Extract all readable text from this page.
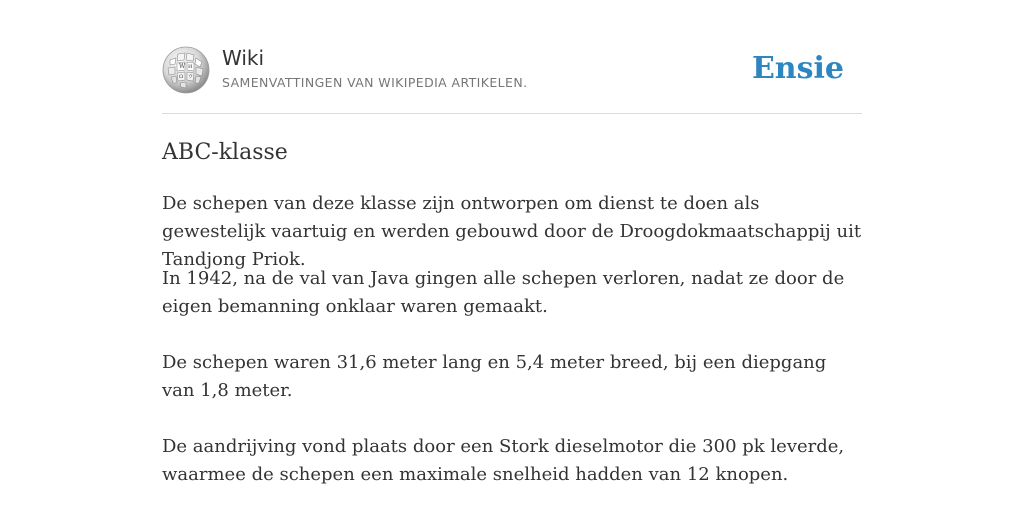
W И
Ω ウ
Wiki
SAMENVATTINGEN VAN WIKIPEDIA ARTIKELEN.	Ensie
ABC-klasse

De schepen van deze klasse zijn ontworpen om dienst te doen als gewestelijk vaartuig en werden gebouwd door de Droogdokmaatschappij uit Tandjong Priok.

In 1942, na de val van Java gingen alle schepen verloren, nadat ze door de eigen bemanning onklaar waren gemaakt.

De schepen waren 31,6 meter lang en 5,4 meter breed, bij een diepgang van 1,8 meter.

De aandrijving vond plaats door een Stork dieselmotor die 300 pk leverde, waarmee de schepen een maximale snelheid hadden van 12 knopen.
